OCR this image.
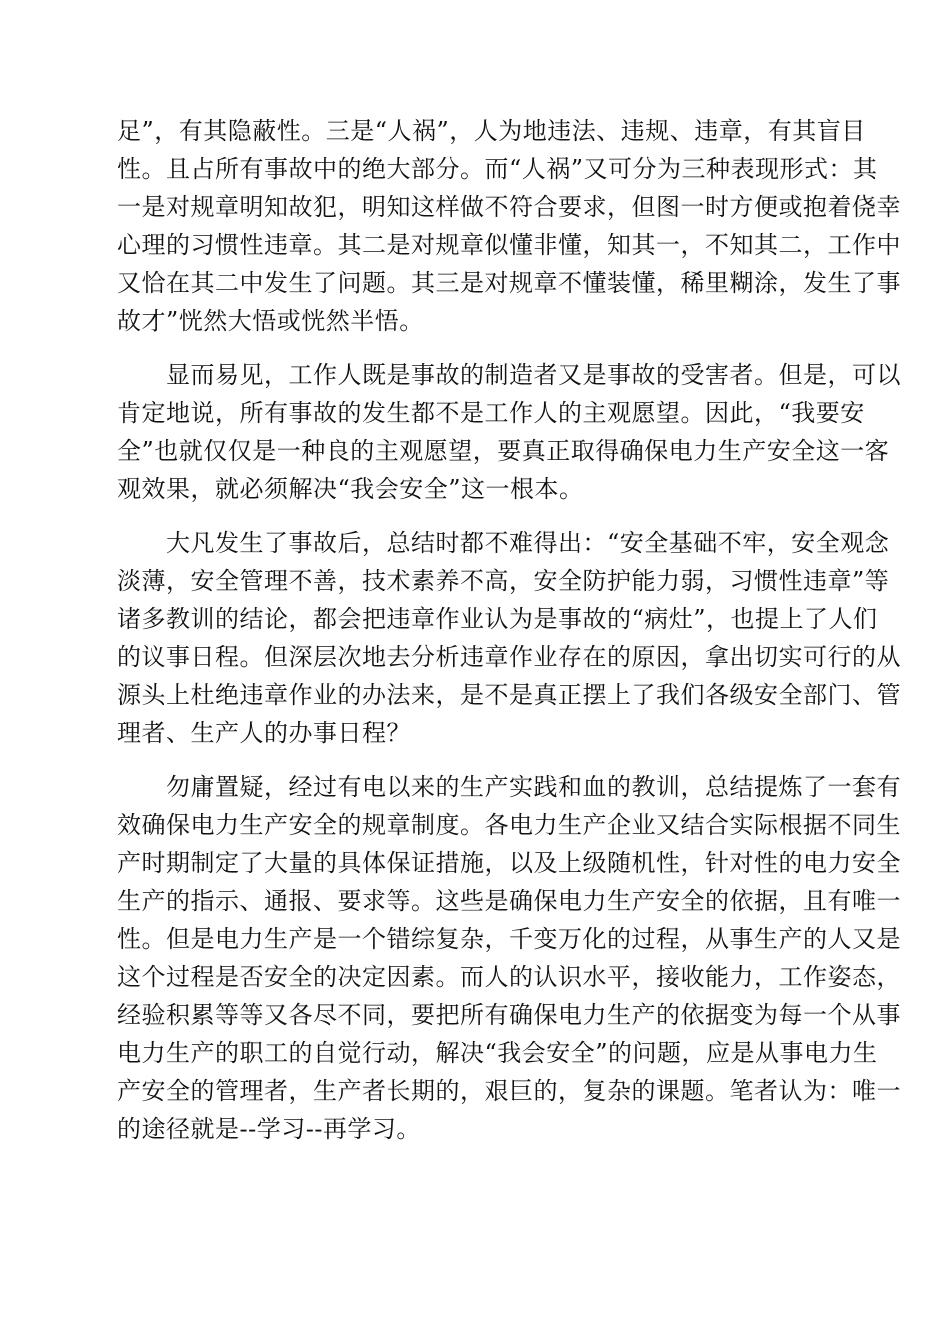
足”，有其隐蔽性。三是“人祸”，人为地违法、违规、违章，有其盲目
性。且占所有事故中的绝大部分。而“人祸”又可分为三种表现形式：其
一是对规章明知故犯，明知这样做不符合要求，但图一时方便或抱着侥幸
心理的习惯性违章。其二是对规章似懂非懂，知其一，不知其二，工作中
又恰在其二中发生了问题。其三是对规章不懂装懂，稀里糊涂，发生了事
故才”恍然大悟或恍然半悟。
　　显而易见，工作人既是事故的制造者又是事故的受害者。但是，可以
肯定地说，所有事故的发生都不是工作人的主观愿望。因此，“我要安
全”也就仅仅是一种良的主观愿望，要真正取得确保电力生产安全这一客
观效果，就必须解决“我会安全”这一根本。
　　大凡发生了事故后，总结时都不难得出：“安全基础不牢，安全观念
淡薄，安全管理不善，技术素养不高，安全防护能力弱，习惯性违章”等
诸多教训的结论，都会把违章作业认为是事故的“病灶”，也提上了人们
的议事日程。但深层次地去分析违章作业存在的原因，拿出切实可行的从
源头上杜绝违章作业的办法来，是不是真正摆上了我们各级安全部门、管
理者、生产人的办事日程？
　　勿庸置疑，经过有电以来的生产实践和血的教训，总结提炼了一套有
效确保电力生产安全的规章制度。各电力生产企业又结合实际根据不同生
产时期制定了大量的具体保证措施，以及上级随机性，针对性的电力安全
生产的指示、通报、要求等。这些是确保电力生产安全的依据，且有唯一
性。但是电力生产是一个错综复杂，千变万化的过程，从事生产的人又是
这个过程是否安全的决定因素。而人的认识水平，接收能力，工作姿态，
经验积累等等又各尽不同，要把所有确保电力生产的依据变为每一个从事
电力生产的职工的自觉行动，解决“我会安全”的问题，应是从事电力生
产安全的管理者，生产者长期的，艰巨的，复杂的课题。笔者认为：唯一
的途径就是--学习--再学习。
